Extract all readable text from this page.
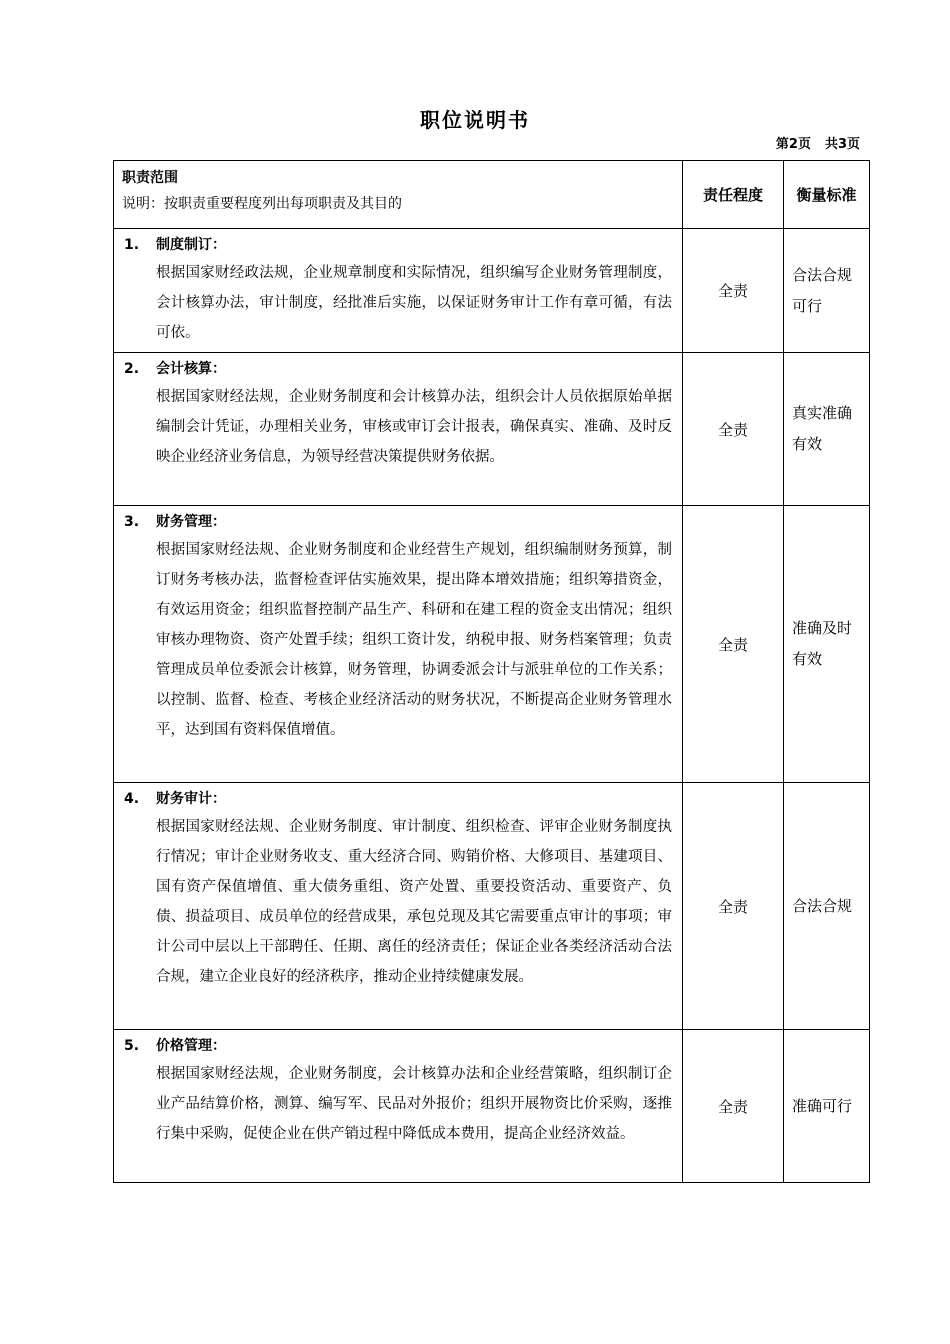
职位说明书
第2页 共3页
职责范围
说明：按职责重要程度列出每项职责及其目的	责任程度	衡量标准

1. 制度制订：
根据国家财经政法规，企业规章制度和实际情况，组织编写企业财务管理制度，会计核算办法，审计制度，经批准后实施，以保证财务审计工作有章可循，有法可依。	全责	合法合规可行

2. 会计核算：
根据国家财经法规，企业财务制度和会计核算办法，组织会计人员依据原始单据编制会计凭证，办理相关业务，审核或审订会计报表，确保真实、准确、及时反映企业经济业务信息，为领导经营决策提供财务依据。	全责	真实准确有效

3. 财务管理：
根据国家财经法规、企业财务制度和企业经营生产规划，组织编制财务预算，制订财务考核办法，监督检查评估实施效果，提出降本增效措施；组织筹措资金，有效运用资金；组织监督控制产品生产、科研和在建工程的资金支出情况；组织审核办理物资、资产处置手续；组织工资计发，纳税申报、财务档案管理；负责管理成员单位委派会计核算，财务管理，协调委派会计与派驻单位的工作关系；以控制、监督、检查、考核企业经济活动的财务状况，不断提高企业财务管理水平，达到国有资料保值增值。	全责	准确及时有效

4. 财务审计：
根据国家财经法规、企业财务制度、审计制度、组织检查、评审企业财务制度执行情况；审计企业财务收支、重大经济合同、购销价格、大修项目、基建项目、国有资产保值增值、重大债务重组、资产处置、重要投资活动、重要资产、负债、损益项目、成员单位的经营成果，承包兑现及其它需要重点审计的事项；审计公司中层以上干部聘任、任期、离任的经济责任；保证企业各类经济活动合法合规，建立企业良好的经济秩序，推动企业持续健康发展。	全责	合法合规

5. 价格管理：
根据国家财经法规，企业财务制度，会计核算办法和企业经营策略，组织制订企业产品结算价格，测算、编写军、民品对外报价；组织开展物资比价采购，逐推行集中采购，促使企业在供产销过程中降低成本费用，提高企业经济效益。	全责	准确可行
